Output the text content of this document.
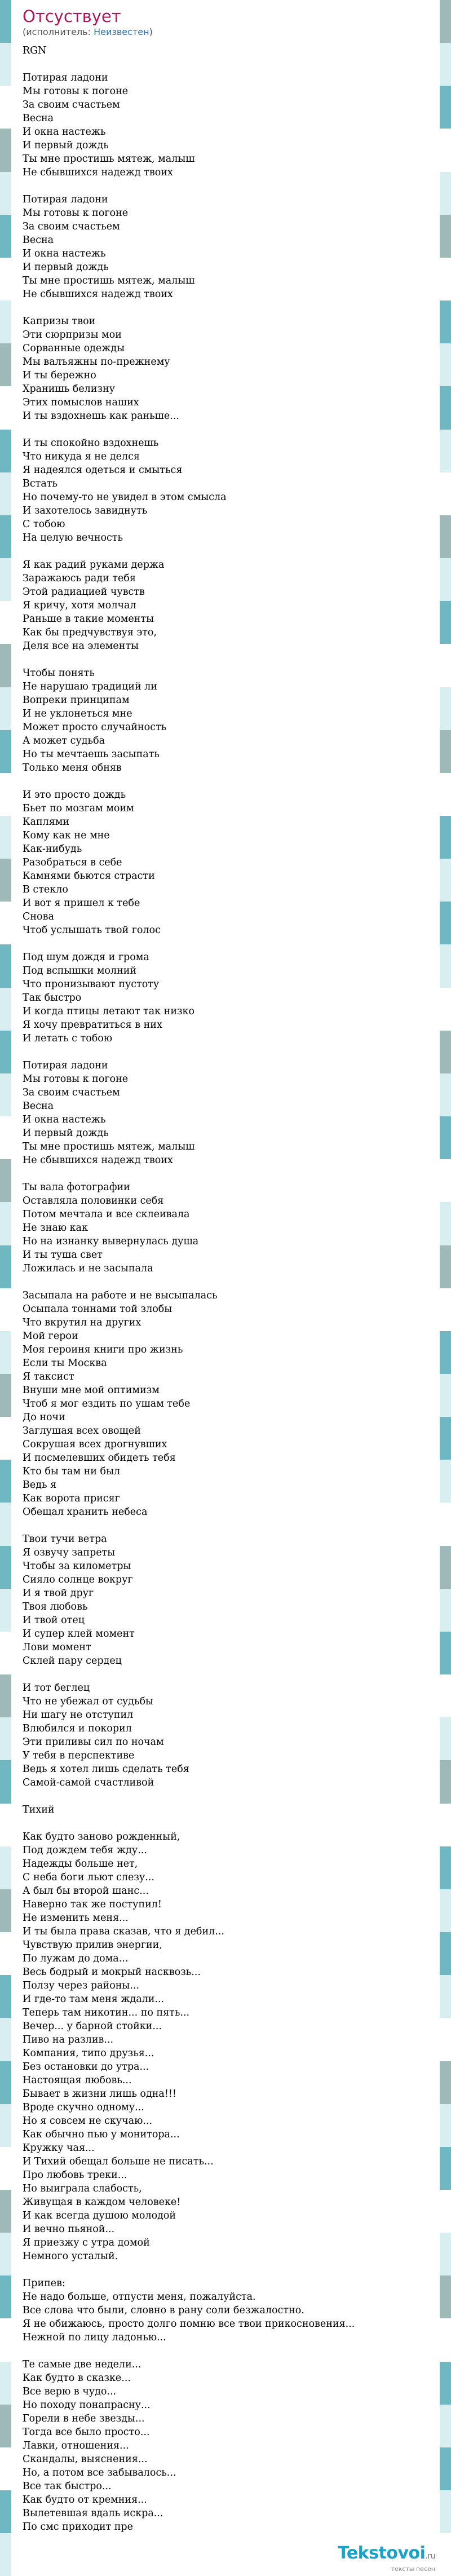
Отсуствует
(исполнитель: Неизвестен)
RGN

Потирая ладони
Мы готовы к погоне
За своим счастьем
Весна
И окна настежь
И первый дождь
Ты мне простишь мятеж, малыш
Не сбывшихся надежд твоих

Потирая ладони
Мы готовы к погоне
За своим счастьем
Весна
И окна настежь
И первый дождь
Ты мне простишь мятеж, малыш
Не сбывшихся надежд твоих

Капризы твои
Эти сюрпризы мои
Сорванные одежды
Мы валъяжны по-прежнему
И ты бережно
Хранишь белизну
Этих помыслов наших
И ты вздохнешь как раньше...

И ты спокойно вздохнешь
Что никуда я не делся
Я надеялся одеться и смыться
Встать
Но почему-то не увидел в этом смысла
И захотелось завиднуть
С тобою
На целую вечность

Я как радий руками держа
Заражаюсь ради тебя
Этой радиацией чувств
Я кричу, хотя молчал
Раньше в такие моменты
Как бы предчувствуя это,
Деля все на элементы

Чтобы понять
Не нарушаю традиций ли
Вопреки принципам
И не уклонеться мне
Может просто случайность
А может судьба
Но ты мечтаешь засыпать
Только меня обняв

И это просто дождь
Бьет по мозгам моим
Каплями
Кому как не мне
Как-нибудь
Разобраться в себе
Камнями бьются страсти
В стекло
И вот я пришел к тебе
Снова
Чтоб услышать твой голос

Под шум дождя и грома
Под вспышки молний
Что пронизывают пустоту
Так быстро
И когда птицы летают так низко
Я хочу превратиться в них
И летать с тобою

Потирая ладони
Мы готовы к погоне
За своим счастьем
Весна
И окна настежь
И первый дождь
Ты мне простишь мятеж, малыш
Не сбывшихся надежд твоих

Ты вала фотографии
Оставляла половинки себя
Потом мечтала и все склеивала
Не знаю как
Но на изнанку вывернулась душа
И ты туша свет
Ложилась и не засыпала

Засыпала на работе и не высыпалась
Осыпала тоннами той злобы
Что вкрутил на других
Мой герои
Моя героиня книги про жизнь
Если ты Москва
Я таксист
Внуши мне мой оптимизм
Чтоб я мог ездить по ушам тебе
До ночи
Заглушая всех овощей
Сокрушая всех дрогнувших
И посмелевших обидеть тебя
Кто бы там ни был
Ведь я
Как ворота присяг
Обещал хранить небеса

Твои тучи ветра
Я озвучу запреты
Чтобы за километры
Сияло солнце вокруг
И я твой друг
Твоя любовь
И твой отец
И супер клей момент
Лови момент
Склей пару сердец

И тот беглец
Что не убежал от судьбы
Ни шагу не отступил
Влюбился и покорил
Эти приливы сил по ночам
У тебя в перспективе
Ведь я хотел лишь сделать тебя
Самой-самой счастливой

Тихий

Как будто заново рожденный,
Под дождем тебя жду...
Надежды больше нет,
С неба боги льют слезу...
А был бы второй шанс...
Наверно так же поступил!
Не изменить меня...
И ты была права сказав, что я дебил...
Чувствую прилив энергии,
По лужам до дома...
Весь бодрый и мокрый насквозь...
Ползу через районы...
И где-то там меня ждали...
Теперь там никотин... по пять...
Вечер... у барной стойки...
Пиво на разлив...
Компания, типо друзья...
Без остановки до утра...
Настоящая любовь...
Бывает в жизни лишь одна!!!
Вроде скучно одному...
Но я совсем не скучаю...
Как обычно пью у монитора...
Кружку чая...
И Тихий обещал больше не писать...
Про любовь треки...
Но выиграла слабость,
Живущая в каждом человеке!
И как всегда душою молодой
И вечно пьяной...
Я приезжу с утра домой
Немного усталый.

Припев:
Не надо больше, отпусти меня, пожалуйста.
Все слова что были, словно в рану соли безжалостно.
Я не обижаюсь, просто долго помню все твои прикосновения...
Нежной по лицу ладонью...

Те самые две недели...
Как будто в сказке...
Все верю в чудо...
Но походу понапрасну...
Горели в небе звезды...
Тогда все было просто...
Лавки, отношения...
Скандалы, выяснения...
Но, а потом все забывалось...
Все так быстро...
Как будто от кремния...
Вылетевшая вдаль искра...
По смс приходит пре
Tekstovoi.ru
тексты песен
